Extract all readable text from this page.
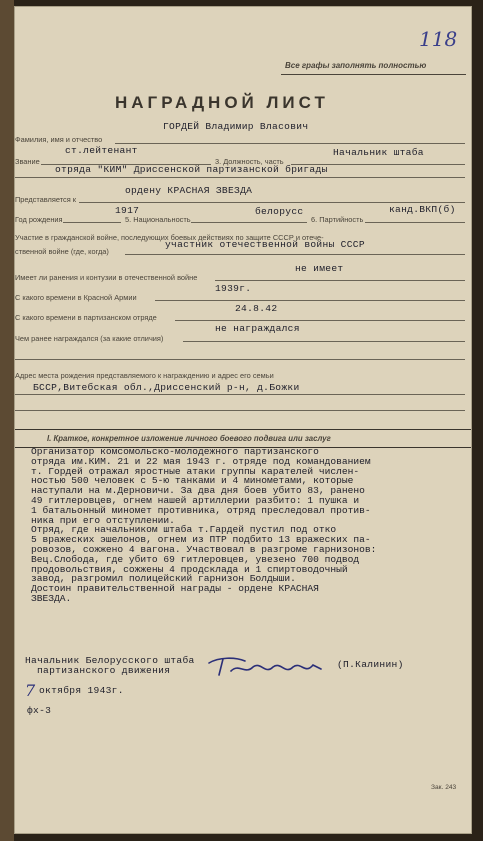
118
Все графы заполнять полностью
НАГРАДНОЙ ЛИСТ
ГОРДЕЙ Владимир Власович
Фамилия, имя и отчество
ст.лейтенант	Начальник штаба
Звание	3. Должность, часть
отряда "КИМ" Дриссенской партизанской бригады
ордену КРАСНАЯ ЗВЕЗДА
Представляется к
1917	белорусс	канд.ВКП(б)
Год рождения	5. Национальность	6. Партийность
Участие в гражданской войне, последующих боевых действиях по защите СССР и отече-
ственной войне (где, когда)
участник отечественной войны СССР
не имеет
Имеет ли ранения и контузии в отечественной войне
1939г.
С какого времени в Красной Армии
24.8.42
С какого времени в партизанском отряде
не награждался
Чем ранее награждался (за какие отличия)
Адрес места рождения представляемого к награждению и адрес его семьи
БССР,Витебская обл.,Дриссенский р-н, д.Божки
I. Краткое, конкретное изложение личного боевого подвига или заслуг
Организатор комсомольско-молодежного партизанского
отряда им.КИМ. 21 и 22 мая 1943 г. отряде под командованием
т. Гордей отражал яростные атаки группы карателей числен-
ностью 500 человек с 5-ю танками и 4 минометами, которые
наступали на м.Дерновичи. За два дня боев убито 83, ранено
49 гитлеровцев, огнем нашей артиллерии разбито: 1 пушка и
1 батальонный миномет противника, отряд преследовал против-
ника при его отступлении.
Отряд, где начальником штаба т.Гардей пустил под отко
5 вражеских эшелонов, огнем из ПТР подбито 13 вражеских па-
ровозов, сожжено 4 вагона. Участвовал в разгроме гарнизонов:
Вец.Слобода, где убито 69 гитлеровцев, увезено 700 подвод
продовольствия, сожжены 4 продсклада и 1 спиртоводочный
завод, разгромил полицейский гарнизон Болдыши.
Достоин правительственной награды - ордене КРАСНАЯ
ЗВЕЗДА.
Начальник Белорусского штаба
партизанского движения
(П.Калинин)
7 октября 1943г.
фх-3
Зак. 243
